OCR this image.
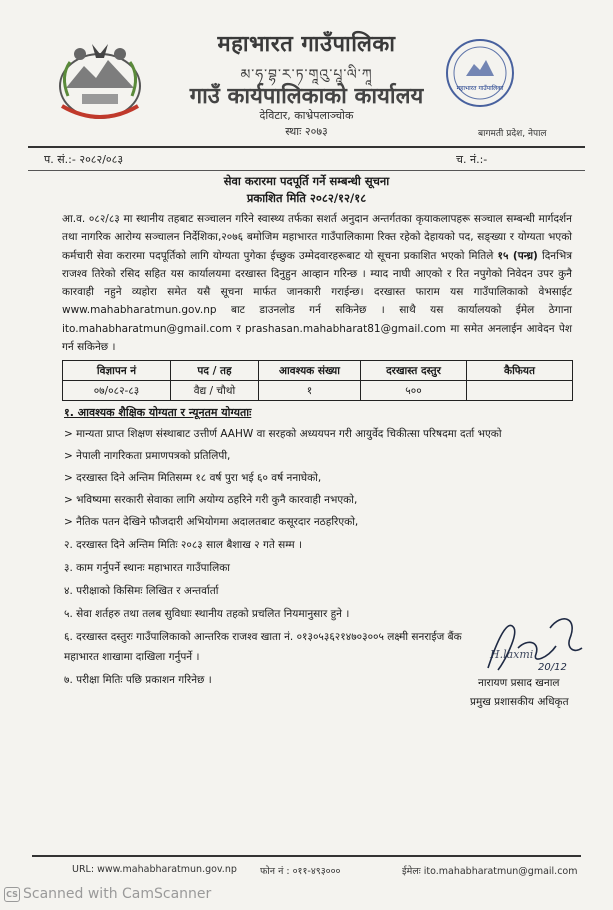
महाभारत गाउँपालिका
མ་ཧ་བྷ་ར་ཏ་གཱའུ་པཱ་ལི་ཀཱ
गाउँ कार्यपालिकाको कार्यालय
देविटार, काभ्रेपलाञ्चोक
स्थाः २०७३
महाभारत गाउँपालिका
बागमती प्रदेश, नेपाल
प. सं.:- २०८२/०८३	च. नं.:-
सेवा करारमा पदपूर्ति गर्ने सम्बन्धी सूचना
प्रकाशित मिति २०८२/१२/१८

आ.व. ०८२/८३ मा स्थानीय तहबाट सञ्चालन गरिने स्वास्थ्य तर्फका सशर्त अनुदान अन्तर्गतका कृयाकलापहरू सञ्चाल सम्बन्धी मार्गदर्शन तथा नागरिक आरोग्य सञ्चालन निर्देशिका,२०७६ बमोजिम महाभारत गाउँपालिकामा रिक्त रहेको देहायको पद, सङ्ख्या र योग्यता भएको कर्मचारी सेवा करारमा पदपूर्तिको लागि योग्यता पुगेका ईच्छुक उम्मेदवारहरूबाट यो सूचना प्रकाशित भएको मितिले १५ (पन्ध्र) दिनभित्र राजश्व तिरेको रसिद सहित यस कार्यालयमा दरखास्त दिनुहुन आव्हान गरिन्छ । म्याद नाघी आएको र रित नपुगेको निवेदन उपर कुनै कारवाही नहुने व्यहोरा समेत यसै सूचना मार्फत जानकारी गराईन्छ। दरखास्त फाराम यस गाउँपालिकाको वेभसाईट www.mahabharatmun.gov.np बाट डाउनलोड गर्न सकिनेछ । साथै यस कार्यालयको ईमेल ठेगाना ito.mahabharatmun@gmail.com र prashasan.mahabharat81@gmail.com मा समेत अनलाईन आवेदन पेश गर्न सकिनेछ ।

विज्ञापन नं	पद / तह	आवश्यक संख्या	दरखास्त दस्तुर	कैफियत
०७/०८२-८३	वैद्य / चौथो	१	५००	
१. आवश्यक शैक्षिक योग्यता र न्यूनतम योग्यताः
> मान्यता प्राप्त शिक्षण संस्थाबाट उत्तीर्ण AAHW वा सरहको अध्ययपन गरी आयुर्वेद चिकीत्सा परिषदमा दर्ता भएको
> नेपाली नागरिकता प्रमाणपत्रको प्रतिलिपी,
> दरखास्त दिने अन्तिम मितिसम्म १८ वर्ष पुरा भई ६० वर्ष ननाघेको,
> भविष्यमा सरकारी सेवाका लागि अयोग्य ठहरिने गरी कुनै कारवाही नभएको,
> नैतिक पतन देखिने फौजदारी अभियोगमा अदालतबाट कसूरदार नठहरिएको,
२. दरखास्त दिने अन्तिम मितिः २०८३ साल बैशाख २ गते सम्म ।
३. काम गर्नुपर्ने स्थानः महाभारत गाउँपालिका
४. परीक्षाको किसिमः लिखित र अन्तर्वार्ता
५. सेवा शर्तहरु तथा तलब सुविधाः स्थानीय तहको प्रचलित नियमानुसार हुने ।
६. दरखास्त दस्तुरः गाउँपालिकाको आन्तरिक राजश्व खाता नं. ०१३०५३६२१४७०३००५ लक्ष्मी सनराईज बैंक
महाभारत शाखामा दाखिला गर्नुपर्ने ।
७. परीक्षा मितिः पछि प्रकाशन गरिनेछ ।
20/12
H.laxmi
नारायण प्रसाद खनाल
प्रमुख प्रशासकीय अधिकृत
URL: www.mahabharatmun.gov.np फोन नं : ०११-४९३०००	ईमेलः ito.mahabharatmun@gmail.com
CS Scanned with CamScanner
